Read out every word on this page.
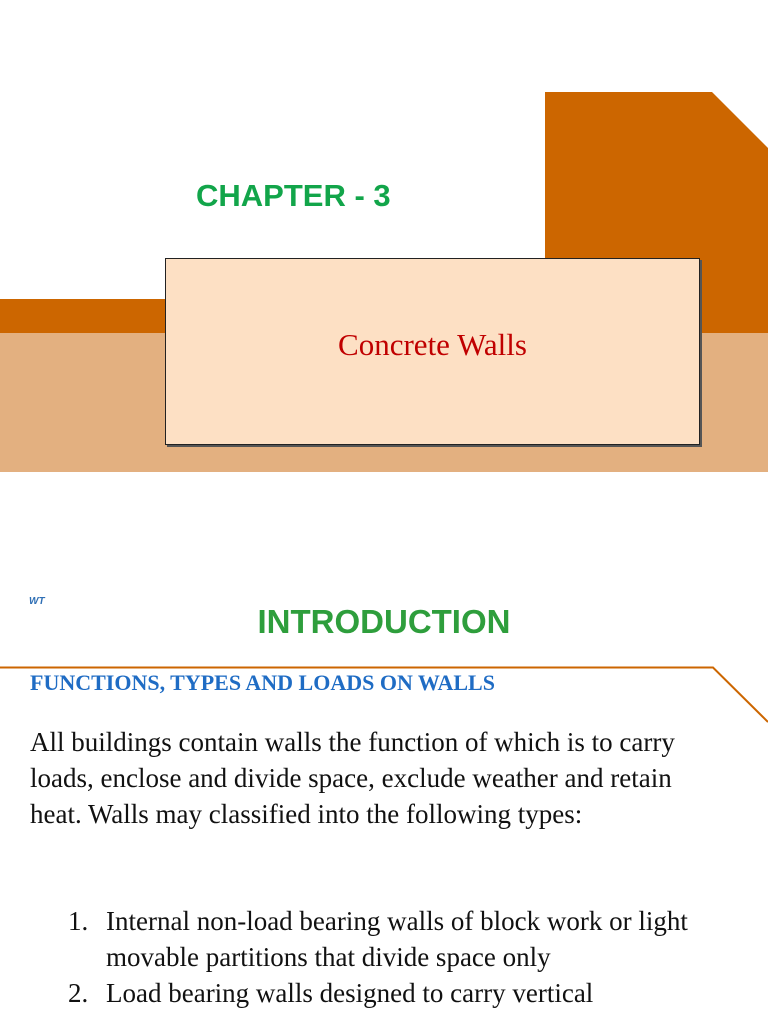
CHAPTER - 3
Concrete Walls
WT
INTRODUCTION
FUNCTIONS, TYPES AND LOADS ON WALLS

All buildings contain walls the function of which is to carry loads, enclose and divide space, exclude weather and retain heat. Walls may classified into the following types:

1. Internal non-load bearing walls of block work or light movable partitions that divide space only
2. Load bearing walls designed to carry vertical
